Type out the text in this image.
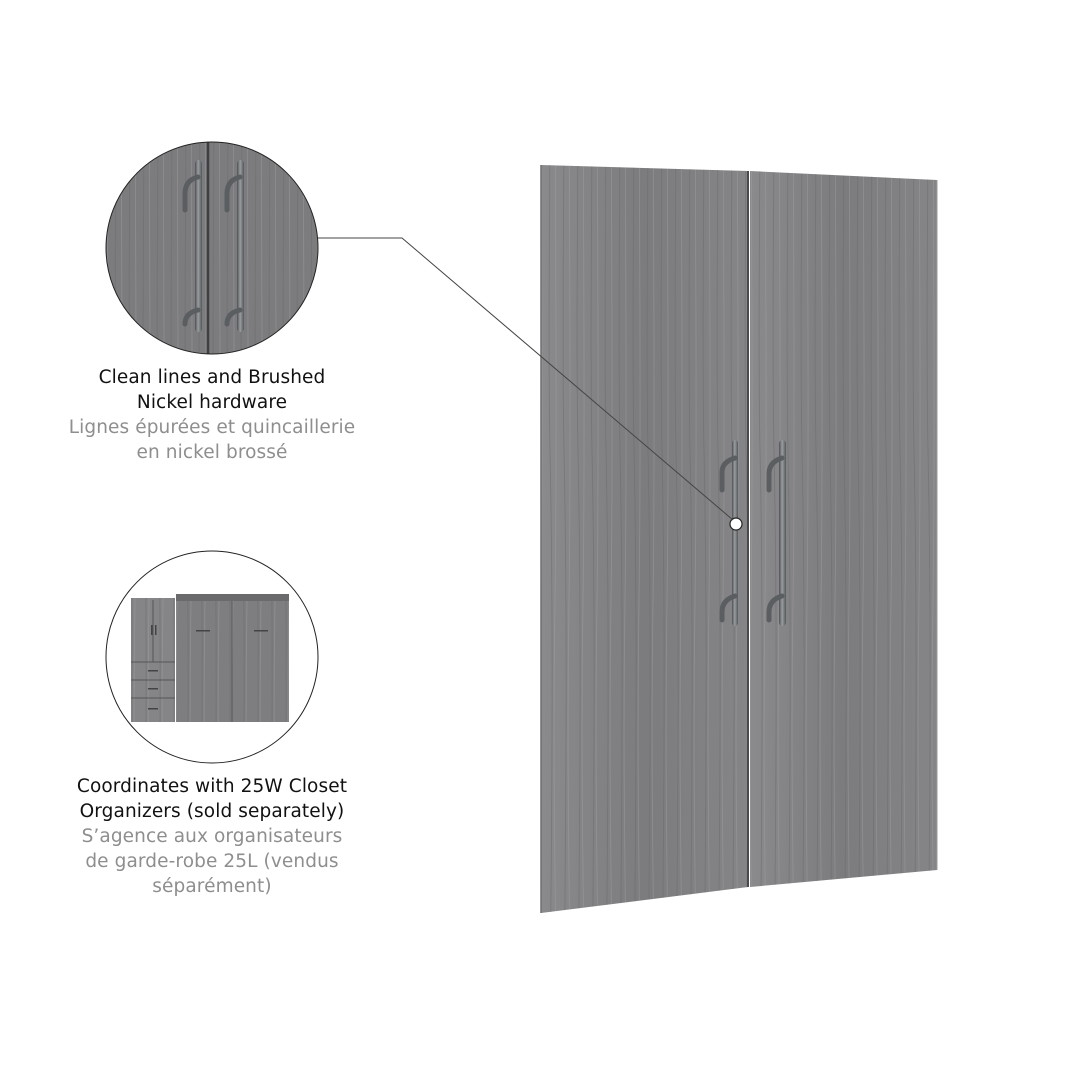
Clean lines and Brushed
Nickel hardware
Lignes épurées et quincaillerie
en nickel brossé
Coordinates with 25W Closet
Organizers (sold separately)
S’agence aux organisateurs
de garde-robe 25L (vendus
séparément)
